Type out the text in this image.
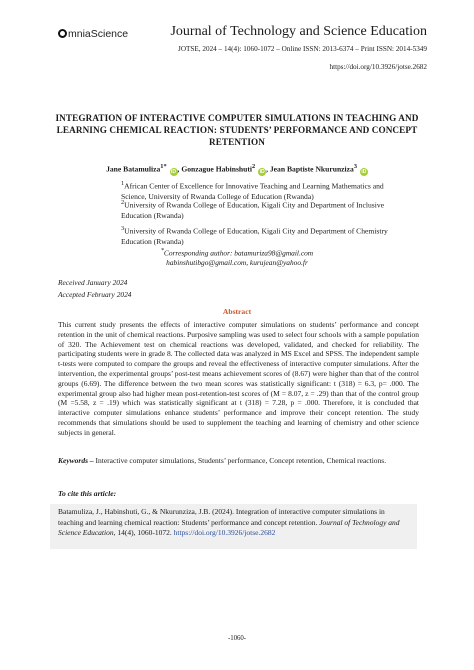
mniaScience	Journal of Technology and Science Education
JOTSE, 2024 – 14(4): 1060-1072 – Online ISSN: 2013-6374 – Print ISSN: 2014-5349
https://doi.org/10.3926/jotse.2682
INTEGRATION OF INTERACTIVE COMPUTER SIMULATIONS IN TEACHING AND LEARNING CHEMICAL REACTION: STUDENTS’ PERFORMANCE AND CONCEPT RETENTION
Jane Batamuliza$^{1*}$ iD , Gonzague Habinshuti$^2$ iD , Jean Baptiste Nkurunziza$^3$ iD
$^1$African Center of Excellence for Innovative Teaching and Learning Mathematics and Science, University of Rwanda College of Education (Rwanda)
$^2$University of Rwanda College of Education, Kigali City and Department of Inclusive Education (Rwanda)
$^3$University of Rwanda College of Education, Kigali City and Department of Chemistry Education (Rwanda)
*Corresponding author: batamuriza98@gmail.com
habinshutibgo@gmail.com, kurujean@yahoo.fr
Received January 2024
Accepted February 2024
Abstract
This current study presents the effects of interactive computer simulations on students’ performance and concept retention in the unit of chemical reactions. Purposive sampling was used to select four schools with a sample population of 320. The Achievement test on chemical reactions was developed, validated, and checked for reliability. The participating students were in grade 8. The collected data was analyzed in MS Excel and SPSS. The independent sample t-tests were computed to compare the groups and reveal the effectiveness of interactive computer simulations. After the intervention, the experimental groups’ post-test means achievement scores of (8.67) were higher than that of the control groups (6.69). The difference between the two mean scores was statistically significant: t (318) = 6.3, p= .000. The experimental group also had higher mean post-retention-test scores of (M = 8.07, z = .29) than that of the control group (M =5.58, z = .19) which was statistically significant at t (318) = 7.28, p = .000. Therefore, it is concluded that interactive computer simulations enhance students’ performance and improve their concept retention. The study recommends that simulations should be used to supplement the teaching and learning of chemistry and other science subjects in general.
Keywords – Interactive computer simulations, Students’ performance, Concept retention, Chemical reactions.
To cite this article:
Batamuliza, J., Habinshuti, G., & Nkurunziza, J.B. (2024). Integration of interactive computer simulations in teaching and learning chemical reaction: Students’ performance and concept retention. Journal of Technology and Science Education, 14(4), 1060-1072. https://doi.org/10.3926/jotse.2682
-1060-
